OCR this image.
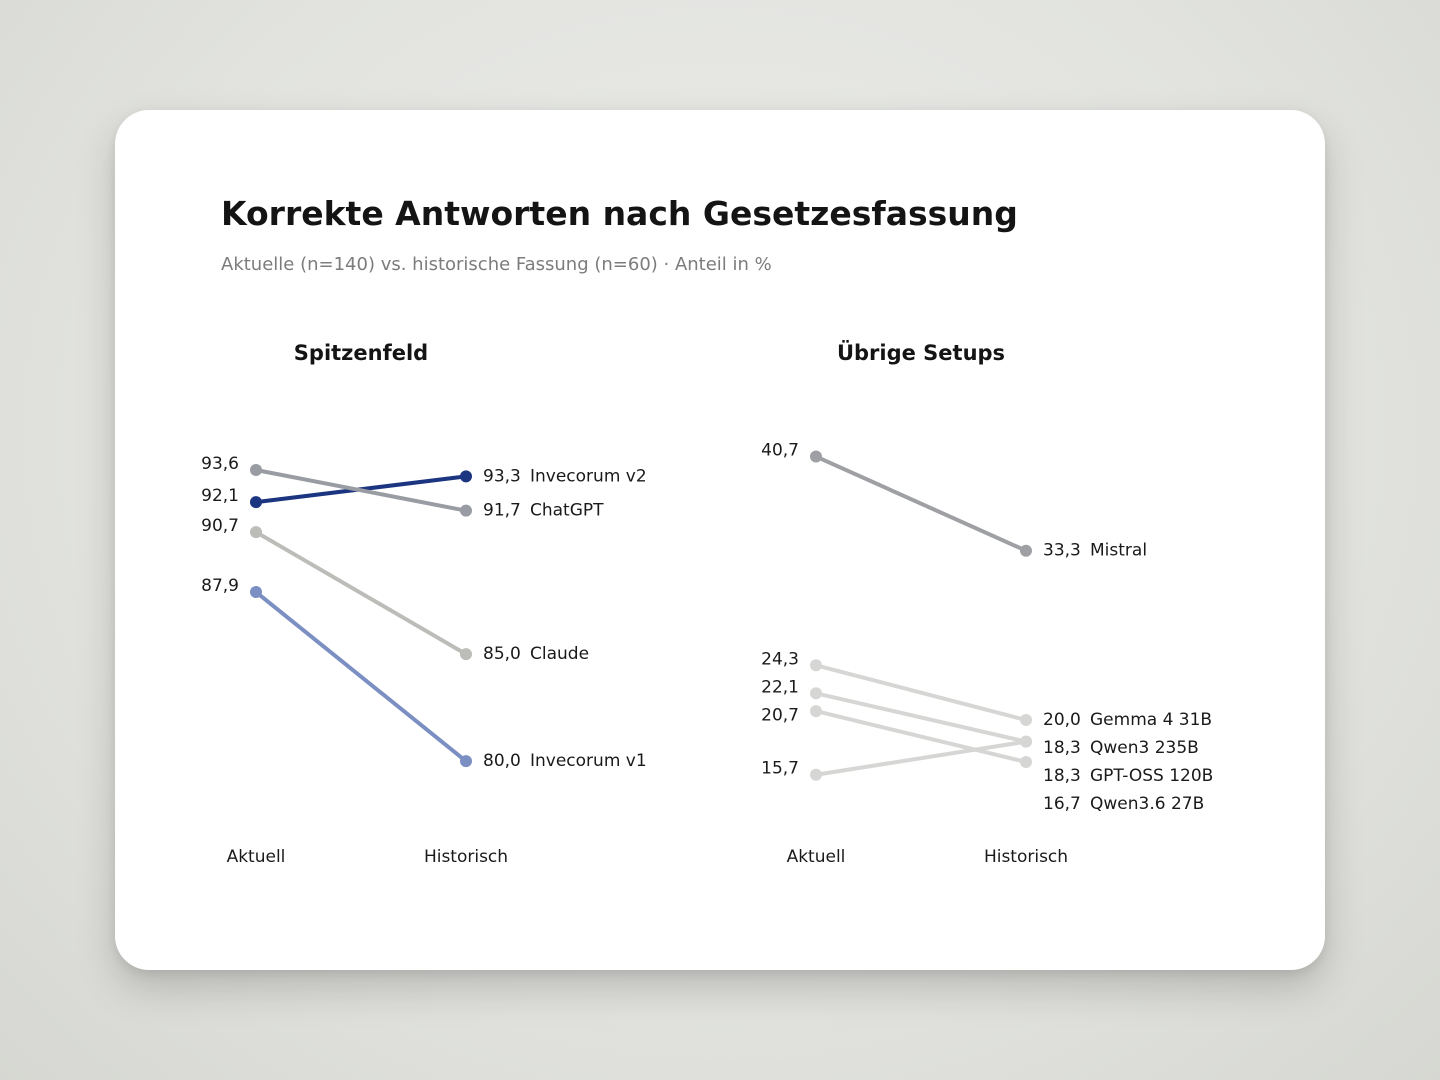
Korrekte Antworten nach Gesetzesfassung

Aktuelle (n=140) vs. historische Fassung (n=60) · Anteil in %

Spitzenfeld
Aktuell	Historisch
92,1
93,6
90,7
87,9
93,3 Invecorum v2
91,7 ChatGPT
85,0 Claude
80,0 Invecorum v1
Übrige Setups
Aktuell	Historisch
40,7
24,3
22,1
15,7
20,7
33,3 Mistral
20,0 Gemma 4 31B
18,3 Qwen3 235B
18,3 GPT-OSS 120B
16,7 Qwen3.6 27B
